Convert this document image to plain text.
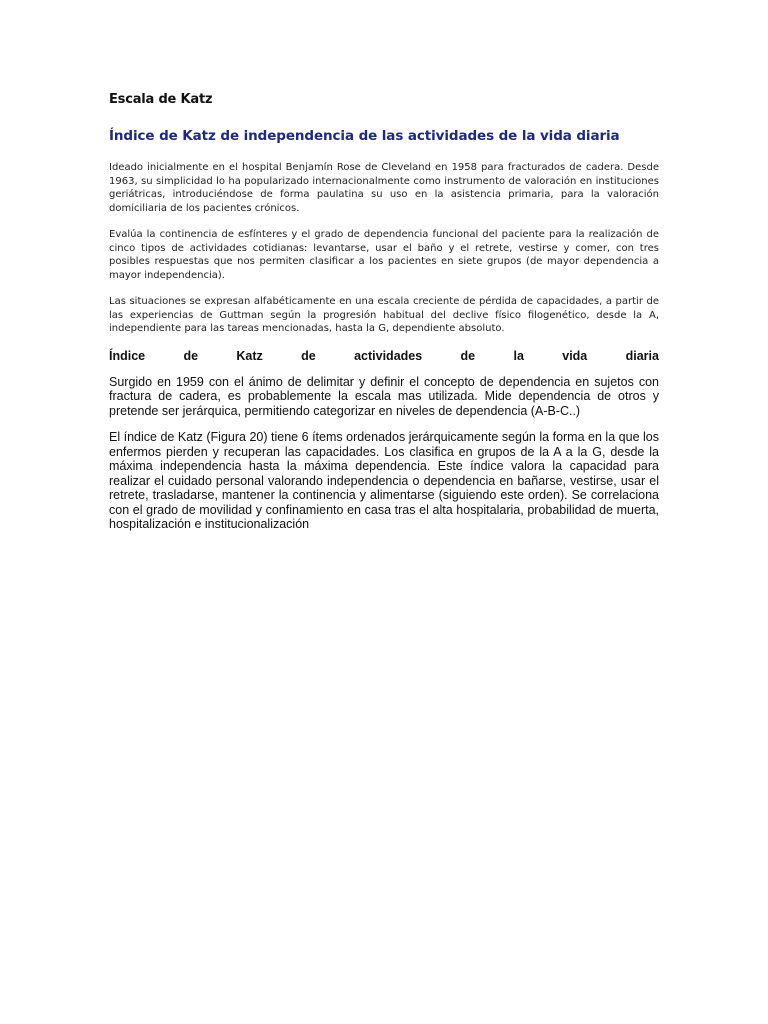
Escala de Katz
Índice de Katz de independencia de las actividades de la vida diaria

Ideado inicialmente en el hospital Benjamín Rose de Cleveland en 1958 para fracturados de cadera. Desde 1963, su simplicidad lo ha popularizado internacionalmente como instrumento de valoración en instituciones geriátricas, introduciéndose de forma paulatina su uso en la asistencia primaria, para la valoración domiciliaria de los pacientes crónicos.

Evalúa la continencia de esfínteres y el grado de dependencia funcional del paciente para la realización de cinco tipos de actividades cotidianas: levantarse, usar el baño y el retrete, vestirse y comer, con tres posibles respuestas que nos permiten clasificar a los pacientes en siete grupos (de mayor dependencia a mayor independencia).

Las situaciones se expresan alfabéticamente en una escala creciente de pérdida de capacidades, a partir de las experiencias de Guttman según la progresión habitual del declive físico filogenético, desde la A, independiente para las tareas mencionadas, hasta la G, dependiente absoluto.

Índice	de	Katz	de	actividades	de	la	vida	diaria

Surgido en 1959 con el ánimo de delimitar y definir el concepto de dependencia en sujetos con fractura de cadera, es probablemente la escala mas utilizada. Mide dependencia de otros y pretende ser jerárquica, permitiendo categorizar en niveles de dependencia (A-B-C..)

El índice de Katz (Figura 20) tiene 6 ítems ordenados jerárquicamente según la forma en la que los enfermos pierden y recuperan las capacidades. Los clasifica en grupos de la A a la G, desde la máxima independencia hasta la máxima dependencia. Este índice valora la capacidad para realizar el cuidado personal valorando independencia o dependencia en bañarse, vestirse, usar el retrete, trasladarse, mantener la continencia y alimentarse (siguiendo este orden). Se correlaciona con el grado de movilidad y confinamiento en casa tras el alta hospitalaria, probabilidad de muerta, hospitalización e institucionalización
